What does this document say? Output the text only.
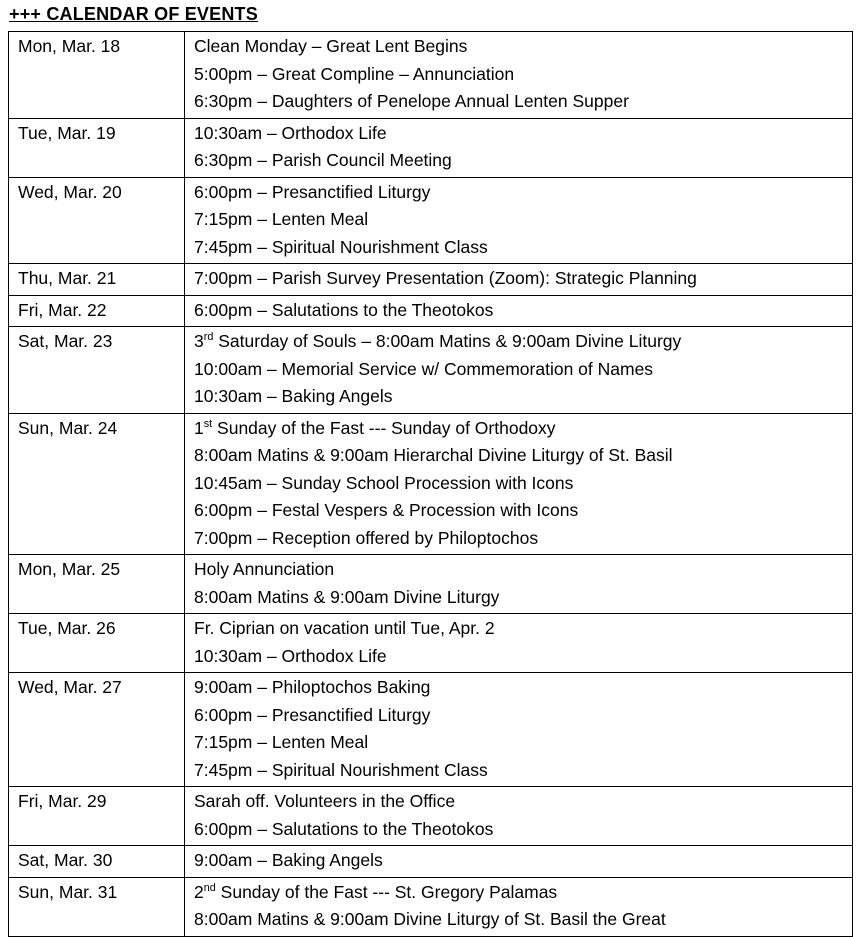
+++ CALENDAR OF EVENTS
Mon, Mar. 18	Clean Monday – Great Lent Begins
5:00pm – Great Compline – Annunciation
6:30pm – Daughters of Penelope Annual Lenten Supper

Tue, Mar. 19	10:30am – Orthodox Life
6:30pm – Parish Council Meeting

Wed, Mar. 20	6:00pm – Presanctified Liturgy
7:15pm – Lenten Meal
7:45pm – Spiritual Nourishment Class

Thu, Mar. 21	7:00pm – Parish Survey Presentation (Zoom): Strategic Planning

Fri, Mar. 22	6:00pm – Salutations to the Theotokos

Sat, Mar. 23	3rd Saturday of Souls – 8:00am Matins & 9:00am Divine Liturgy
10:00am – Memorial Service w/ Commemoration of Names
10:30am – Baking Angels

Sun, Mar. 24	1st Sunday of the Fast --- Sunday of Orthodoxy
8:00am Matins & 9:00am Hierarchal Divine Liturgy of St. Basil
10:45am – Sunday School Procession with Icons
6:00pm – Festal Vespers & Procession with Icons
7:00pm – Reception offered by Philoptochos

Mon, Mar. 25	Holy Annunciation
8:00am Matins & 9:00am Divine Liturgy

Tue, Mar. 26	Fr. Ciprian on vacation until Tue, Apr. 2
10:30am – Orthodox Life

Wed, Mar. 27	9:00am – Philoptochos Baking
6:00pm – Presanctified Liturgy
7:15pm – Lenten Meal
7:45pm – Spiritual Nourishment Class

Fri, Mar. 29	Sarah off. Volunteers in the Office
6:00pm – Salutations to the Theotokos

Sat, Mar. 30	9:00am – Baking Angels

Sun, Mar. 31	2nd Sunday of the Fast --- St. Gregory Palamas
8:00am Matins & 9:00am Divine Liturgy of St. Basil the Great
